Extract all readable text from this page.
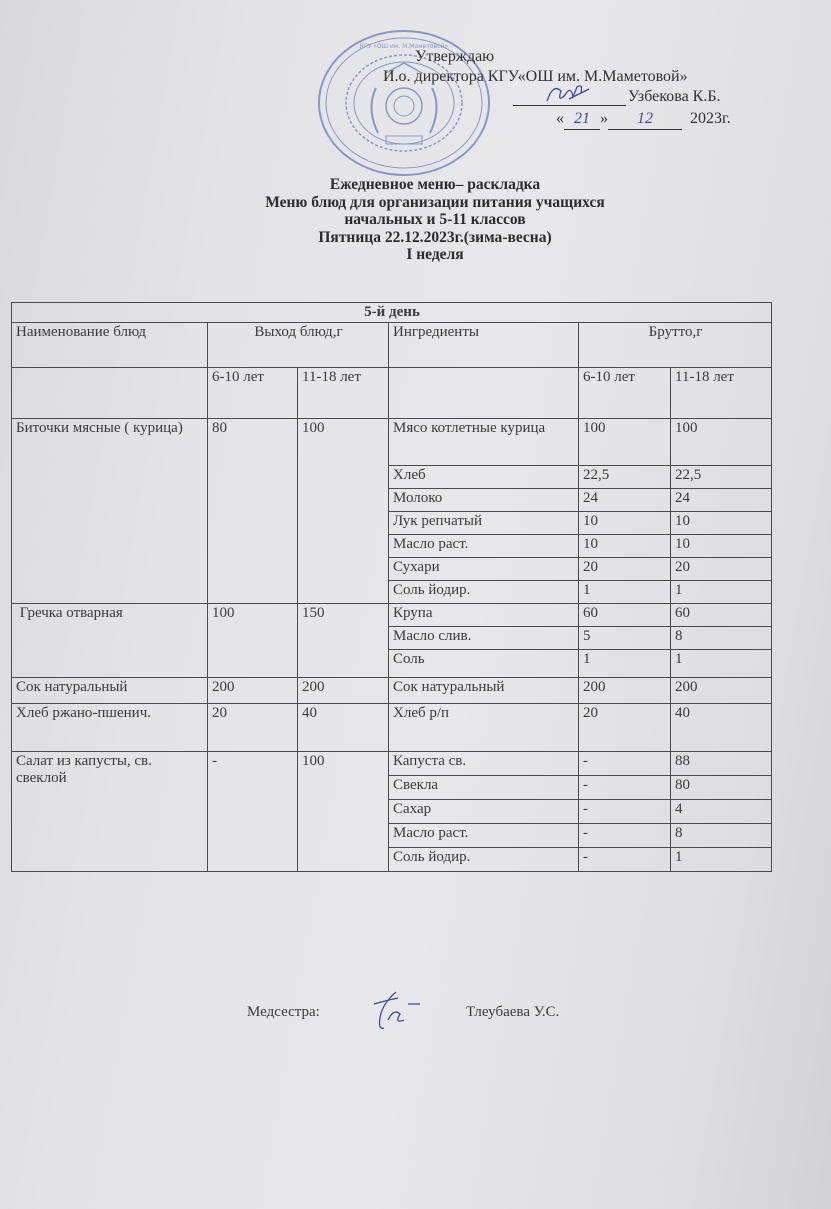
КГУ «ОШ им. М.Маметовой»
Утверждаю
И.о. директора КГУ«ОШ им. М.Маметовой»
Узбекова К.Б.
« 21 » 12 2023г.
Ежедневное меню– раскладка
Меню блюд для организации питания учащихся
начальных и 5-11 классов
Пятница 22.12.2023г.(зима-весна)
I неделя
5-й день					
Наименование блюд	Выход блюд,г		Ингредиенты	Брутто,г	
	6-10 лет	11-18 лет		6-10 лет	11-18 лет
Биточки мясные ( курица)	80	100	Мясо котлетные курица	100	100
			Хлеб	22,5	22,5
			Молоко	24	24
			Лук репчатый	10	10
			Масло раст.	10	10
			Сухари	20	20
			Соль йодир.	1	1
Гречка отварная	100	150	Крупа	60	60
			Масло слив.	5	8
			Соль	1	1
Сок натуральный	200	200	Сок натуральный	200	200
Хлеб ржано-пшенич.	20	40	Хлеб р/п	20	40
Салат из капусты, св. свеклой	-	100	Капуста св.	-	88
			Свекла	-	80
			Сахар	-	4
			Масло раст.	-	8
			Соль йодир.	-	1
Медсестра:	Тлеубаева У.С.
